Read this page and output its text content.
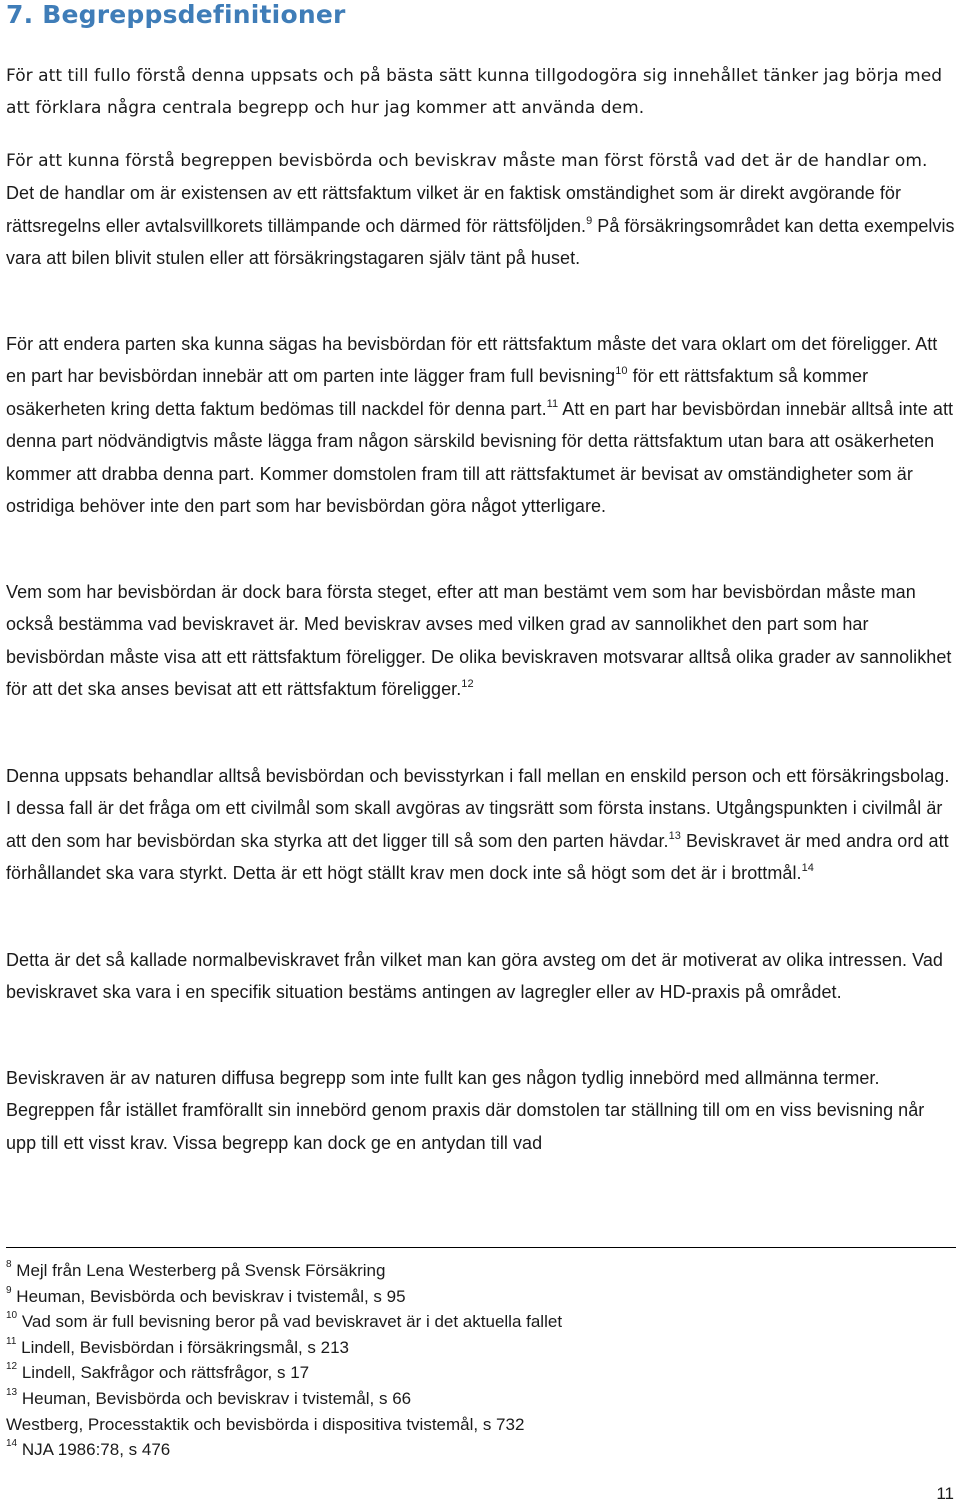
7. Begreppsdefinitioner

För att till fullo förstå denna uppsats och på bästa sätt kunna tillgodogöra sig innehållet tänker jag börja med att förklara några centrala begrepp och hur jag kommer att använda dem.

För att kunna förstå begreppen bevisbörda och beviskrav måste man först förstå vad det är de handlar om. Det de handlar om är existensen av ett rättsfaktum vilket är en faktisk omständighet som är direkt avgörande för rättsregelns eller avtalsvillkorets tillämpande och därmed för rättsföljden.$^9$ På försäkringsområdet kan detta exempelvis vara att bilen blivit stulen eller att försäkringstagaren själv tänt på huset.

För att endera parten ska kunna sägas ha bevisbördan för ett rättsfaktum måste det vara oklart om det föreligger. Att en part har bevisbördan innebär att om parten inte lägger fram full bevisning$^{10}$ för ett rättsfaktum så kommer osäkerheten kring detta faktum bedömas till nackdel för denna part.$^{11}$ Att en part har bevisbördan innebär alltså inte att denna part nödvändigtvis måste lägga fram någon särskild bevisning för detta rättsfaktum utan bara att osäkerheten kommer att drabba denna part. Kommer domstolen fram till att rättsfaktumet är bevisat av omständigheter som är ostridiga behöver inte den part som har bevisbördan göra något ytterligare.

Vem som har bevisbördan är dock bara första steget, efter att man bestämt vem som har bevisbördan måste man också bestämma vad beviskravet är. Med beviskrav avses med vilken grad av sannolikhet den part som har bevisbördan måste visa att ett rättsfaktum föreligger. De olika beviskraven motsvarar alltså olika grader av sannolikhet för att det ska anses bevisat att ett rättsfaktum föreligger.$^{12}$

Denna uppsats behandlar alltså bevisbördan och bevisstyrkan i fall mellan en enskild person och ett försäkringsbolag. I dessa fall är det fråga om ett civilmål som skall avgöras av tingsrätt som första instans. Utgångspunkten i civilmål är att den som har bevisbördan ska styrka att det ligger till så som den parten hävdar.$^{13}$ Beviskravet är med andra ord att förhållandet ska vara styrkt. Detta är ett högt ställt krav men dock inte så högt som det är i brottmål.$^{14}$

Detta är det så kallade normalbeviskravet från vilket man kan göra avsteg om det är motiverat av olika intressen. Vad beviskravet ska vara i en specifik situation bestäms antingen av lagregler eller av HD-praxis på området.

Beviskraven är av naturen diffusa begrepp som inte fullt kan ges någon tydlig innebörd med allmänna termer. Begreppen får istället framförallt sin innebörd genom praxis där domstolen tar ställning till om en viss bevisning når upp till ett visst krav. Vissa begrepp kan dock ge en antydan till vad

$^8$ Mejl från Lena Westerberg på Svensk Försäkring
$^9$ Heuman, Bevisbörda och beviskrav i tvistemål, s 95
$^{10}$ Vad som är full bevisning beror på vad beviskravet är i det aktuella fallet
$^{11}$ Lindell, Bevisbördan i försäkringsmål, s 213
$^{12}$ Lindell, Sakfrågor och rättsfrågor, s 17
$^{13}$ Heuman, Bevisbörda och beviskrav i tvistemål, s 66
Westberg, Processtaktik och bevisbörda i dispositiva tvistemål, s 732
$^{14}$ NJA 1986:78, s 476
11
